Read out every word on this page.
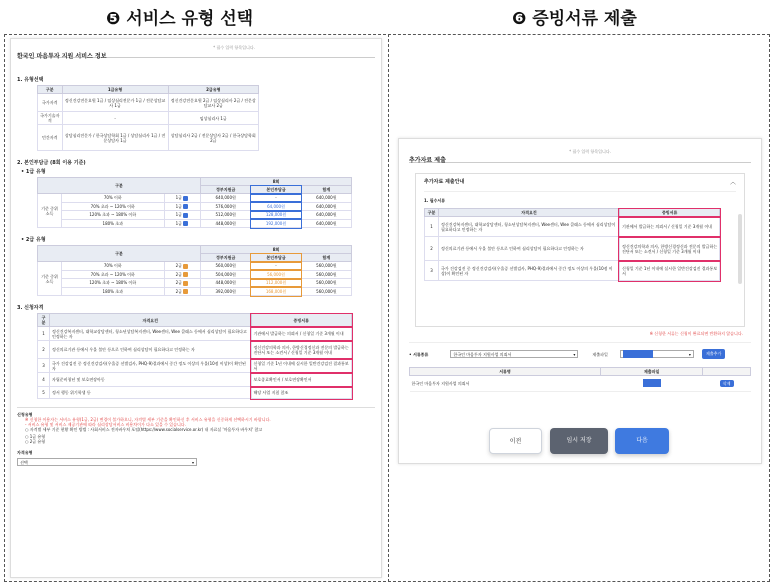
❺ 서비스 유형 선택	❻ 증빙서류 제출
한국인 마음투자 지원 서비스 정보
* 필수 입력 항목입니다.
1. 유형선택
구분	1급유형	2급유형
국가자격	정신건강전문요원 1급 / 임상심리전문가 1급 / 전문상담교사 1급	정신건강전문요원 2급 / 임상심리사 2급 / 전문상담교사 2급
국가기술자격	-	임상심리사 1급
민간자격	상담심리전문가 / 한국상담학회 1급 / 상담심리사 1급 / 전문상담사 1급	상담심리사 2급 / 전문상담사 2급 / 한국상담학회 2급
2. 본인부담금 (8회 이용 기준)
• 1급 유형
구분			8회		
			정부지원금	본인부담금	합계
기준 중위 소득	70% 이하	1급	640,000원	-	640,000원
	70% 초과 ~ 120% 이하	1급	576,000원	64,000원	640,000원
	120% 초과 ~ 180% 이하	1급	512,000원	128,000원	640,000원
	180% 초과	1급	448,000원	192,000원	640,000원
• 2급 유형
구분			8회		
			정부지원금	본인부담금	합계
기준 중위 소득	70% 이하	2급	560,000원	-	560,000원
	70% 초과 ~ 120% 이하	2급	504,000원	56,000원	560,000원
	120% 초과 ~ 180% 이하	2급	448,000원	112,000원	560,000원
	180% 초과	2급	392,000원	168,000원	560,000원
3. 신청자격
구분	자격요건	증빙서류
1	정신건강복지센터, 대학교상담센터, 청소년상담복지센터, Wee센터, Wee 클래스 등에서 심리상담이 필요하다고 인정하는 자	기관에서 발급하는 의뢰서 / 신청일 기준 3개월 이내
2	정신의료기관 등에서 우울 불안 등으로 인하여 심리상담이 필요하다고 인정하는 자	정신건강의학과 의사, 한방신경정신과 전문의 발급하는 진단서 또는 소견서 / 신청일 기준 3개월 이내
3	국가 건강검진 중 정신건강검사(우울증 선별검사, PHQ-9)결과에서 중간 정도 이상의 우울(10점 이상)이 확인된 자	신청일 기준 1년 이내에 실시한 일반건강검진 결과통보서
4	자립준비청년 및 보호연장아동	보호종료확인서 / 보호연장확인서
5	정서 행동 위기학생 등	해당 사업 지침 참조
신청유형
※ 신청한 이용자는 서비스 유형(1급, 2급) 변경이 불가하오니, 자격별 세부 기준을 확인하신 후 서비스 유형을 신중하게 선택하시기 바랍니다.
- 서비스 유형 및 서비스 제공기관에 따라 심리상담서비스 비용차이가 다소 있을 수 있습니다.
○ 자격별 세부 기준 현황 확인 방법 : 사회서비스 전자바우처 포털(https://www.socialservice.or.kr) 내 자료실 '마음투자 바우처' 참고
○ 1급 유형
○ 2급 유형
자격유형
선택	▾
추가자료 제출
* 필수 입력 항목입니다.
추가자료 제출안내	︿
1. 필수서류
구분	자격요건	증빙서류
1	정신건강복지센터, 대학교상담센터, 청소년상담복지센터, Wee센터, Wee 클래스 등에서 심리상담이 필요하다고 인정하는 자	기관에서 발급하는 의뢰서 / 신청일 기준 3개월 이내
2	정신의료기관 등에서 우울 불안 등으로 인하여 심리상담이 필요하다고 인정하는 자	정신건강의학과 의사, 한방신경정신과 전문의 발급하는 진단서 또는 소견서 / 신청일 기준 3개월 이내
3	국가 건강검진 중 정신건강검사(우울증 선별검사, PHQ-9)결과에서 중간 정도 이상의 우울(10점 이상)이 확인된 자	신청일 기준 1년 이내에 실시한 일반건강검진 결과통보서
※ 신청한 서류는 신청이 완료되면 반환하지 않습니다.
• 서류종류	한국인 마음투자 지원사업 의뢰서	▾	제출파일	▾	제출추가
서류명	제출파일	
한국인 마음투자 지원사업 의뢰서		삭제
이전	임시 저장	다음
